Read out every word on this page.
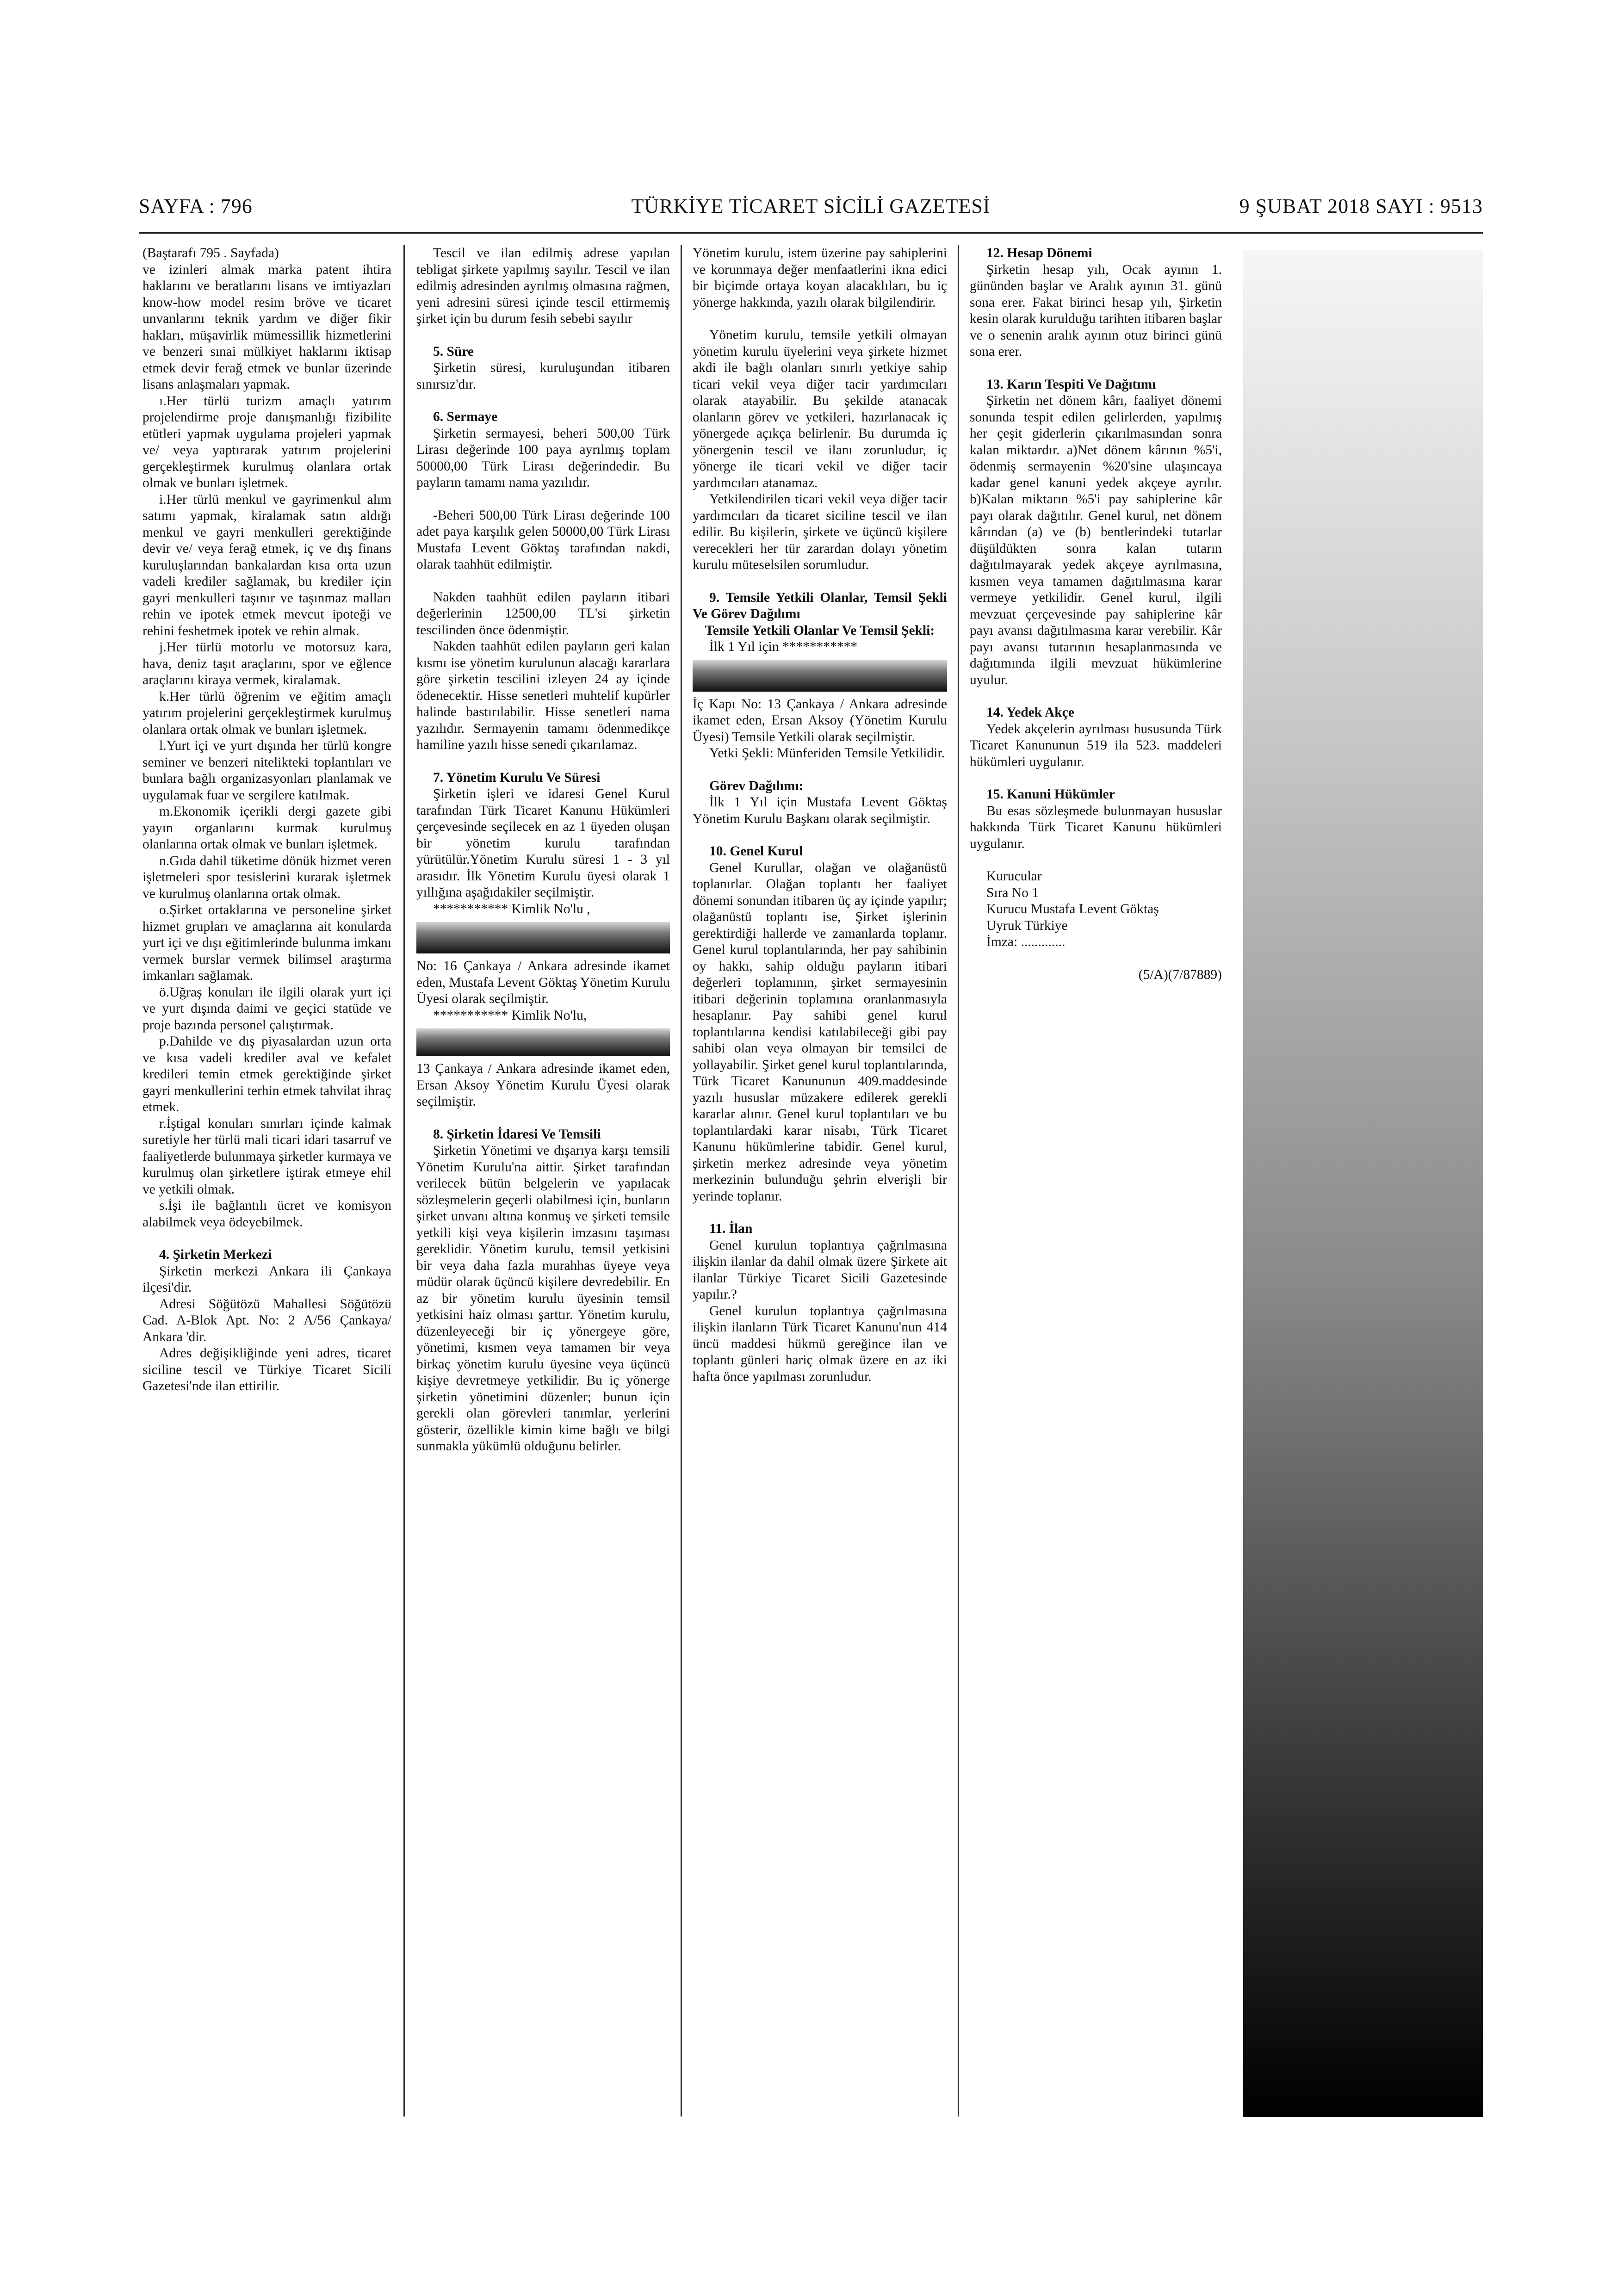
SAYFA : 796	TÜRKİYE TİCARET SİCİLİ GAZETESİ	9 ŞUBAT 2018 SAYI : 9513

(Baştarafı 795 . Sayfada)

ve izinleri almak marka patent ihtira haklarını ve beratlarını lisans ve imtiyazları know-how model resim bröve ve ticaret unvanlarını teknik yardım ve diğer fikir hakları, müşavirlik mümessillik hizmetlerini ve benzeri sınai mülkiyet haklarını iktisap etmek devir ferağ etmek ve bunlar üzerinde lisans anlaşmaları yapmak.

ı.Her türlü turizm amaçlı yatırım projelendirme proje danışmanlığı fizibilite etütleri yapmak uygulama projeleri yapmak ve/ veya yaptırarak yatırım projelerini gerçekleştirmek kurulmuş olanlara ortak olmak ve bunları işletmek.

i.Her türlü menkul ve gayrimenkul alım satımı yapmak, kiralamak satın aldığı menkul ve gayri menkulleri gerektiğinde devir ve/ veya ferağ etmek, iç ve dış finans kuruluşlarından bankalardan kısa orta uzun vadeli krediler sağlamak, bu krediler için gayri menkulleri taşınır ve taşınmaz malları rehin ve ipotek etmek mevcut ipoteği ve rehini feshetmek ipotek ve rehin almak.

j.Her türlü motorlu ve motorsuz kara, hava, deniz taşıt araçlarını, spor ve eğlence araçlarını kiraya vermek, kiralamak.

k.Her türlü öğrenim ve eğitim amaçlı yatırım projelerini gerçekleştirmek kurulmuş olanlara ortak olmak ve bunları işletmek.

l.Yurt içi ve yurt dışında her türlü kongre seminer ve benzeri nitelikteki toplantıları ve bunlara bağlı organizasyonları planlamak ve uygulamak fuar ve sergilere katılmak.

m.Ekonomik içerikli dergi gazete gibi yayın organlarını kurmak kurulmuş olanlarına ortak olmak ve bunları işletmek.

n.Gıda dahil tüketime dönük hizmet veren işletmeleri spor tesislerini kurarak işletmek ve kurulmuş olanlarına ortak olmak.

o.Şirket ortaklarına ve personeline şirket hizmet grupları ve amaçlarına ait konularda yurt içi ve dışı eğitimlerinde bulunma imkanı vermek burslar vermek bilimsel araştırma imkanları sağlamak.

ö.Uğraş konuları ile ilgili olarak yurt içi ve yurt dışında daimi ve geçici statüde ve proje bazında personel çalıştırmak.

p.Dahilde ve dış piyasalardan uzun orta ve kısa vadeli krediler aval ve kefalet kredileri temin etmek gerektiğinde şirket gayri menkullerini terhin etmek tahvilat ihraç etmek.

r.İştigal konuları sınırları içinde kalmak suretiyle her türlü mali ticari idari tasarruf ve faaliyetlerde bulunmaya şirketler kurmaya ve kurulmuş olan şirketlere iştirak etmeye ehil ve yetkili olmak.

s.İşi ile bağlantılı ücret ve komisyon alabilmek veya ödeyebilmek.

4. Şirketin Merkezi

Şirketin merkezi Ankara ili Çankaya ilçesi'dir.

Adresi Söğütözü Mahallesi Söğütözü Cad. A-Blok Apt. No: 2 A/56 Çankaya/ Ankara 'dir.

Adres değişikliğinde yeni adres, ticaret siciline tescil ve Türkiye Ticaret Sicili Gazetesi'nde ilan ettirilir.

Tescil ve ilan edilmiş adrese yapılan tebligat şirkete yapılmış sayılır. Tescil ve ilan edilmiş adresinden ayrılmış olmasına rağmen, yeni adresini süresi içinde tescil ettirmemiş şirket için bu durum fesih sebebi sayılır

5. Süre

Şirketin süresi, kuruluşundan itibaren sınırsız'dır.

6. Sermaye

Şirketin sermayesi, beheri 500,00 Türk Lirası değerinde 100 paya ayrılmış toplam 50000,00 Türk Lirası değerindedir. Bu payların tamamı nama yazılıdır.

-Beheri 500,00 Türk Lirası değerinde 100 adet paya karşılık gelen 50000,00 Türk Lirası Mustafa Levent Göktaş tarafından nakdi, olarak taahhüt edilmiştir.

Nakden taahhüt edilen payların itibari değerlerinin 12500,00 TL'si şirketin tescilinden önce ödenmiştir.

Nakden taahhüt edilen payların geri kalan kısmı ise yönetim kurulunun alacağı kararlara göre şirketin tescilini izleyen 24 ay içinde ödenecektir. Hisse senetleri muhtelif kupürler halinde bastırılabilir. Hisse senetleri nama yazılıdır. Sermayenin tamamı ödenmedikçe hamiline yazılı hisse senedi çıkarılamaz.

7. Yönetim Kurulu Ve Süresi

Şirketin işleri ve idaresi Genel Kurul tarafından Türk Ticaret Kanunu Hükümleri çerçevesinde seçilecek en az 1 üyeden oluşan bir yönetim kurulu tarafından yürütülür.Yönetim Kurulu süresi 1 - 3 yıl arasıdır. İlk Yönetim Kurulu üyesi olarak 1 yıllığına aşağıdakiler seçilmiştir.

*********** Kimlik No'lu ,

No: 16 Çankaya / Ankara adresinde ikamet eden, Mustafa Levent Göktaş Yönetim Kurulu Üyesi olarak seçilmiştir.

*********** Kimlik No'lu,

13 Çankaya / Ankara adresinde ikamet eden, Ersan Aksoy Yönetim Kurulu Üyesi olarak seçilmiştir.

8. Şirketin İdaresi Ve Temsili

Şirketin Yönetimi ve dışarıya karşı temsili Yönetim Kurulu'na aittir. Şirket tarafından verilecek bütün belgelerin ve yapılacak sözleşmelerin geçerli olabilmesi için, bunların şirket unvanı altına konmuş ve şirketi temsile yetkili kişi veya kişilerin imzasını taşıması gereklidir. Yönetim kurulu, temsil yetkisini bir veya daha fazla murahhas üyeye veya müdür olarak üçüncü kişilere devredebilir. En az bir yönetim kurulu üyesinin temsil yetkisini haiz olması şarttır. Yönetim kurulu, düzenleyeceği bir iç yönergeye göre, yönetimi, kısmen veya tamamen bir veya birkaç yönetim kurulu üyesine veya üçüncü kişiye devretmeye yetkilidir. Bu iç yönerge şirketin yönetimini düzenler; bunun için gerekli olan görevleri tanımlar, yerlerini gösterir, özellikle kimin kime bağlı ve bilgi sunmakla yükümlü olduğunu belirler.

Yönetim kurulu, istem üzerine pay sahiplerini ve korunmaya değer menfaatlerini ikna edici bir biçimde ortaya koyan alacaklıları, bu iç yönerge hakkında, yazılı olarak bilgilendirir.

Yönetim kurulu, temsile yetkili olmayan yönetim kurulu üyelerini veya şirkete hizmet akdi ile bağlı olanları sınırlı yetkiye sahip ticari vekil veya diğer tacir yardımcıları olarak atayabilir. Bu şekilde atanacak olanların görev ve yetkileri, hazırlanacak iç yönergede açıkça belirlenir. Bu durumda iç yönergenin tescil ve ilanı zorunludur, iç yönerge ile ticari vekil ve diğer tacir yardımcıları atanamaz.

Yetkilendirilen ticari vekil veya diğer tacir yardımcıları da ticaret siciline tescil ve ilan edilir. Bu kişilerin, şirkete ve üçüncü kişilere verecekleri her tür zarardan dolayı yönetim kurulu müteselsilen sorumludur.

9. Temsile Yetkili Olanlar, Temsil Şekli Ve Görev Dağılımı

Temsile Yetkili Olanlar Ve Temsil Şekli:

İlk 1 Yıl için ***********

İç Kapı No: 13 Çankaya / Ankara adresinde ikamet eden, Ersan Aksoy (Yönetim Kurulu Üyesi) Temsile Yetkili olarak seçilmiştir.

Yetki Şekli: Münferiden Temsile Yetkilidir.

Görev Dağılımı:

İlk 1 Yıl için Mustafa Levent Göktaş Yönetim Kurulu Başkanı olarak seçilmiştir.

10. Genel Kurul

Genel Kurullar, olağan ve olağanüstü toplanırlar. Olağan toplantı her faaliyet dönemi sonundan itibaren üç ay içinde yapılır; olağanüstü toplantı ise, Şirket işlerinin gerektirdiği hallerde ve zamanlarda toplanır. Genel kurul toplantılarında, her pay sahibinin oy hakkı, sahip olduğu payların itibari değerleri toplamının, şirket sermayesinin itibari değerinin toplamına oranlanmasıyla hesaplanır. Pay sahibi genel kurul toplantılarına kendisi katılabileceği gibi pay sahibi olan veya olmayan bir temsilci de yollayabilir. Şirket genel kurul toplantılarında, Türk Ticaret Kanununun 409.maddesinde yazılı hususlar müzakere edilerek gerekli kararlar alınır. Genel kurul toplantıları ve bu toplantılardaki karar nisabı, Türk Ticaret Kanunu hükümlerine tabidir. Genel kurul, şirketin merkez adresinde veya yönetim merkezinin bulunduğu şehrin elverişli bir yerinde toplanır.

11. İlan

Genel kurulun toplantıya çağrılmasına ilişkin ilanlar da dahil olmak üzere Şirkete ait ilanlar Türkiye Ticaret Sicili Gazetesinde yapılır.?

Genel kurulun toplantıya çağrılmasına ilişkin ilanların Türk Ticaret Kanunu'nun 414 üncü maddesi hükmü gereğince ilan ve toplantı günleri hariç olmak üzere en az iki hafta önce yapılması zorunludur.

12. Hesap Dönemi

Şirketin hesap yılı, Ocak ayının 1. gününden başlar ve Aralık ayının 31. günü sona erer. Fakat birinci hesap yılı, Şirketin kesin olarak kurulduğu tarihten itibaren başlar ve o senenin aralık ayının otuz birinci günü sona erer.

13. Karın Tespiti Ve Dağıtımı

Şirketin net dönem kârı, faaliyet dönemi sonunda tespit edilen gelirlerden, yapılmış her çeşit giderlerin çıkarılmasından sonra kalan miktardır. a)Net dönem kârının %5'i, ödenmiş sermayenin %20'sine ulaşıncaya kadar genel kanuni yedek akçeye ayrılır. b)Kalan miktarın %5'i pay sahiplerine kâr payı olarak dağıtılır. Genel kurul, net dönem kârından (a) ve (b) bentlerindeki tutarlar düşüldükten sonra kalan tutarın dağıtılmayarak yedek akçeye ayrılmasına, kısmen veya tamamen dağıtılmasına karar vermeye yetkilidir. Genel kurul, ilgili mevzuat çerçevesinde pay sahiplerine kâr payı avansı dağıtılmasına karar verebilir. Kâr payı avansı tutarının hesaplanmasında ve dağıtımında ilgili mevzuat hükümlerine uyulur.

14. Yedek Akçe

Yedek akçelerin ayrılması hususunda Türk Ticaret Kanununun 519 ila 523. maddeleri hükümleri uygulanır.

15. Kanuni Hükümler

Bu esas sözleşmede bulunmayan hususlar hakkında Türk Ticaret Kanunu hükümleri uygulanır.

Kurucular

Sıra No 1

Kurucu Mustafa Levent Göktaş

Uyruk Türkiye

İmza: .............

(5/A)(7/87889)
